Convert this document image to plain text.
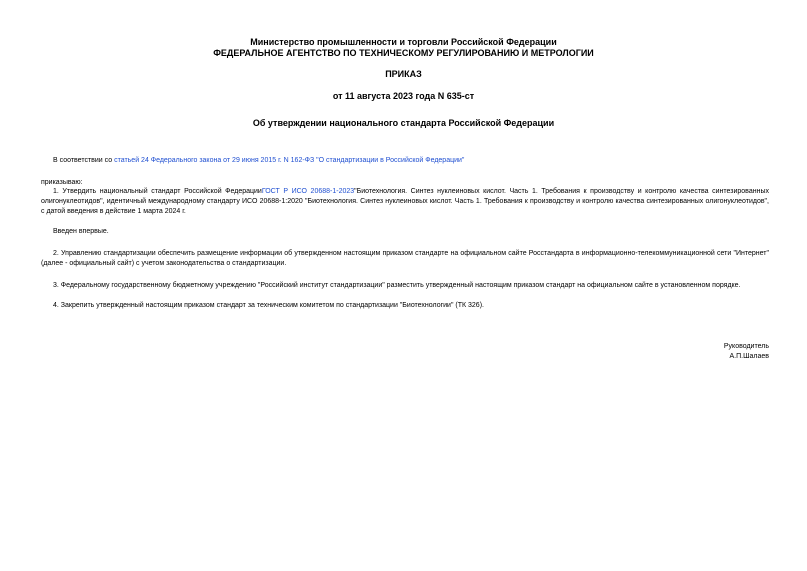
Министерство промышленности и торговли Российской Федерации
ФЕДЕРАЛЬНОЕ АГЕНТСТВО ПО ТЕХНИЧЕСКОМУ РЕГУЛИРОВАНИЮ И МЕТРОЛОГИИ
ПРИКАЗ
от 11 августа 2023 года N 635-ст
Об утверждении национального стандарта Российской Федерации
В соответствии со статьей 24 Федерального закона от 29 июня 2015 г. N 162-ФЗ "О стандартизации в Российской Федерации"
приказываю:
1. Утвердить национальный стандарт Российской ФедерацииГОСТ Р ИСО 20688-1-2023"Биотехнология. Синтез нуклеиновых кислот. Часть 1. Требования к производству и контролю качества синтезированных олигонуклеотидов", идентичный международному стандарту ИСО 20688-1:2020 "Биотехнология. Синтез нуклеиновых кислот. Часть 1. Требования к производству и контролю качества синтезированных олигонуклеотидов", с датой введения в действие 1 марта 2024 г.
Введен впервые.
2. Управлению стандартизации обеспечить размещение информации об утвержденном настоящим приказом стандарте на официальном сайте Росстандарта в информационно-телекоммуникационной сети "Интернет" (далее - официальный сайт) с учетом законодательства о стандартизации.
3. Федеральному государственному бюджетному учреждению "Российский институт стандартизации" разместить утвержденный настоящим приказом стандарт на официальном сайте в установленном порядке.
4. Закрепить утвержденный настоящим приказом стандарт за техническим комитетом по стандартизации "Биотехнологии" (ТК 326).
Руководитель
А.П.Шалаев
